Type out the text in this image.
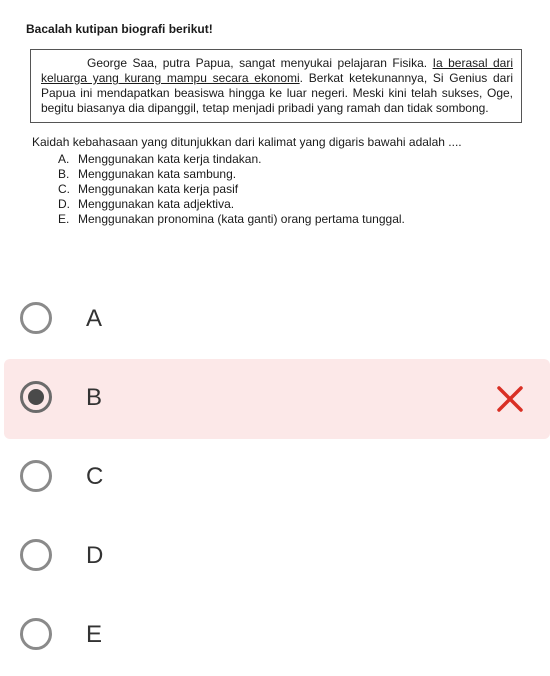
Bacalah kutipan biografi berikut!
George Saa, putra Papua, sangat menyukai pelajaran Fisika. Ia berasal dari keluarga yang kurang mampu secara ekonomi. Berkat ketekunannya, Si Genius dari Papua ini mendapatkan beasiswa hingga ke luar negeri. Meski kini telah sukses, Oge, begitu biasanya dia dipanggil, tetap menjadi pribadi yang ramah dan tidak sombong.
Kaidah kebahasaan yang ditunjukkan dari kalimat yang digaris bawahi adalah ....
A. Menggunakan kata kerja tindakan.
B. Menggunakan kata sambung.
C. Menggunakan kata kerja pasif
D. Menggunakan kata adjektiva.
E. Menggunakan pronomina (kata ganti) orang pertama tunggal.
A
B
C
D
E
